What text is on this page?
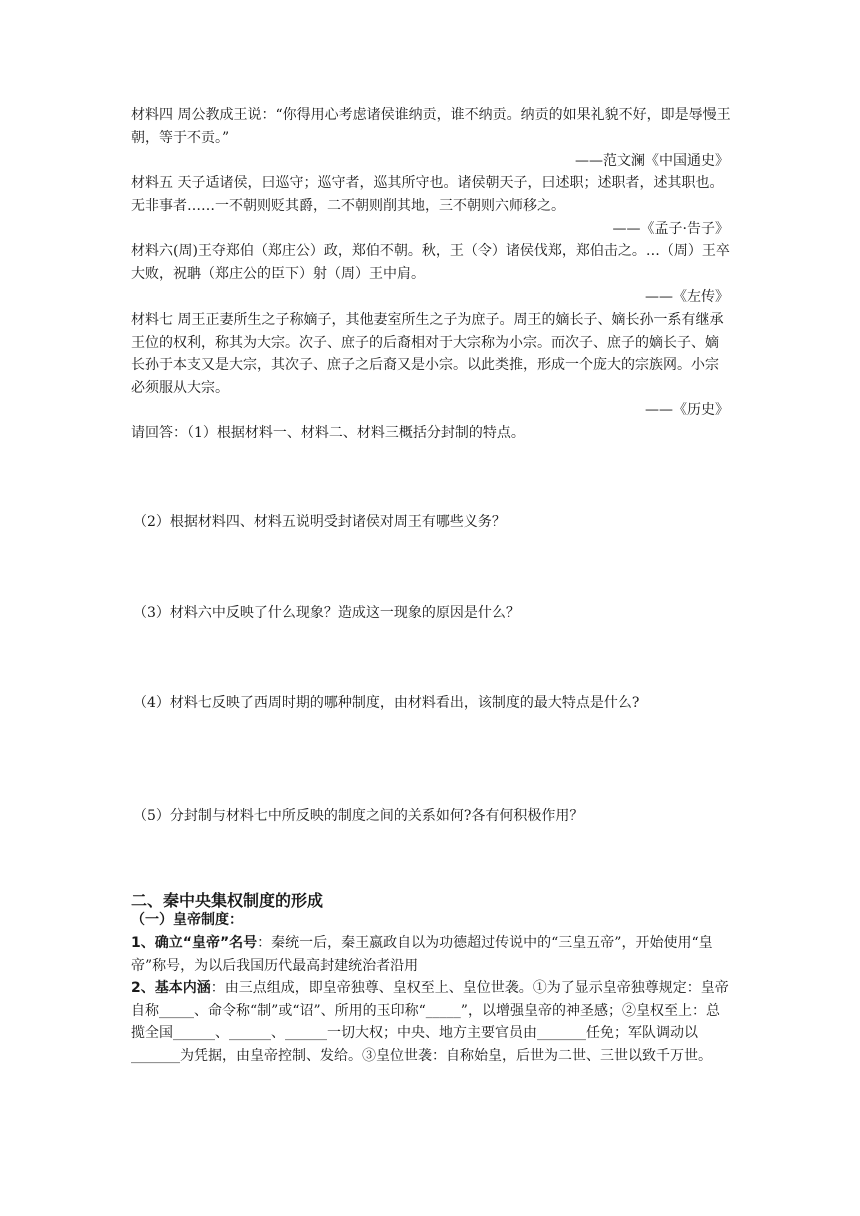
材料四 周公教成王说：“你得用心考虑诸侯谁纳贡，谁不纳贡。纳贡的如果礼貌不好，即是辱慢王朝，等于不贡。”

——范文澜《中国通史》

材料五 天子适诸侯，曰巡守；巡守者，巡其所守也。诸侯朝天子，曰述职；述职者，述其职也。无非事者……一不朝则贬其爵，二不朝则削其地，三不朝则六师移之。

——《孟子·告子》

材料六(周)王夺郑伯（郑庄公）政，郑伯不朝。秋，王（令）诸侯伐郑，郑伯击之。…（周）王卒大败，祝聃（郑庄公的臣下）射（周）王中肩。

——《左传》

材料七 周王正妻所生之子称嫡子，其他妻室所生之子为庶子。周王的嫡长子、嫡长孙一系有继承王位的权利，称其为大宗。次子、庶子的后裔相对于大宗称为小宗。而次子、庶子的嫡长子、嫡长孙于本支又是大宗，其次子、庶子之后裔又是小宗。以此类推，形成一个庞大的宗族网。小宗必须服从大宗。

——《历史》

请回答：（1）根据材料一、材料二、材料三概括分封制的特点。

（2）根据材料四、材料五说明受封诸侯对周王有哪些义务？

（3）材料六中反映了什么现象？造成这一现象的原因是什么？

（4）材料七反映了西周时期的哪种制度，由材料看出，该制度的最大特点是什么?

（5）分封制与材料七中所反映的制度之间的关系如何?各有何积极作用？

二、秦中央集权制度的形成
（一）皇帝制度：

1、确立“皇帝”名号：秦统一后，秦王嬴政自以为功德超过传说中的“三皇五帝”，开始使用“皇帝”称号，为以后我国历代最高封建统治者沿用

2、基本内涵：由三点组成，即皇帝独尊、皇权至上、皇位世袭。①为了显示皇帝独尊规定：皇帝自称_____、命令称“制”或“诏”、所用的玉印称“_____”，以增强皇帝的神圣感；②皇权至上：总揽全国______、______、______一切大权；中央、地方主要官员由_______任免；军队调动以_______为凭据，由皇帝控制、发给。③皇位世袭：自称始皇，后世为二世、三世以致千万世。
